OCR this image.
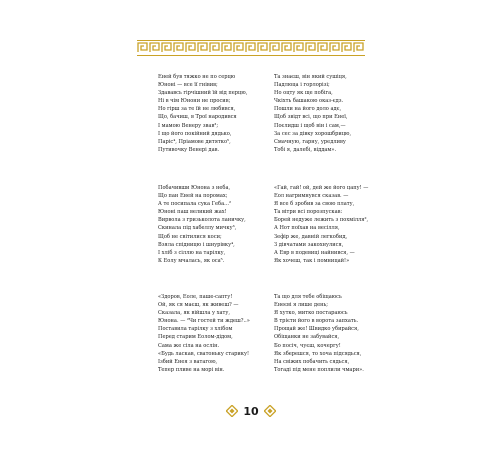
Еней був тяжко не по серцю
Юноні — все її гнівив;
Здававсь гірчішний їй від перцю,
Ні в чім Юнони не просив;
Но гірш за те їй не любився,
Що, бачиш, в Трої народився
І мамою Венеру звав³;
І що його покійний дядько,
Паріс⁴, Пріамове дитятко⁵,
Путивочку Венері дав.
Та знаєш, він який сушіця,
Падлюца і горлорізі;
Но оцту як ще побіга,
Чкіхть башакою оказ-єдз.
Пошли на його доло адє,
Щоб звідт всі, що при Енеї,
Поєлидш і щоб він і сам,—
За сес за дівку хорошбрицю,
Смачную, гарну, уредливу
Тобі я, далебі, віддам».
Побачивши Юнона з неба,
Що пан Еней на поромах;
А те посипала сука Геба...²
Юноні паш великий жах!
Вирвола з гризьколота ланичку,
Скинала під хабеллу мичку³,
Щоб не світилися коси;
Взяла спідницю і шнурівку⁴,
І хліб з сіллю на тарілку,
К Еолу мчалась, як оса⁵.
«Гай, гай! ой, дей же його цапу! —
Еол нагримнувся сказав. —
Я все б зробив за свою плату,
Та вітри всі порозпускав:
Борей недуже лежить з похмілля²,
А Нот поїхав на весілля,
Зефір же, давній легкобид,
З дівчатами закохнулися,
А Евр в подевиці найнився, —
Як хочеш, так і помницай!»
«Здоров, Еоле, паше-сапту!
Ой, як ся маєш, як живеш? —
Сказала, як війшла у хату,
Юнона. — ²Чи гостей ти ждеш?..»
Поставила тарілку з хлібом
Перед старим Еолом-дідом,
Сама же сіла на ослін.
«Будь ласкав, сватоньку старику!
Ізбий Енея з ватагою,
Тепер пливе на морі він.
Та що для тебе обіщаюсь
Енеєві я лише день;
Я хутко, митко постараюсь
В трієти його в ворота запхать.
Прощай же! Швидко убирайся,
Обіщанки не забувайся,
Бо посіч, чуєш, кочергу!
Як зберешся, то хоча підсядься,
На свіжих побачить сядься,
Тогаді під мене поплили чмари».
10
